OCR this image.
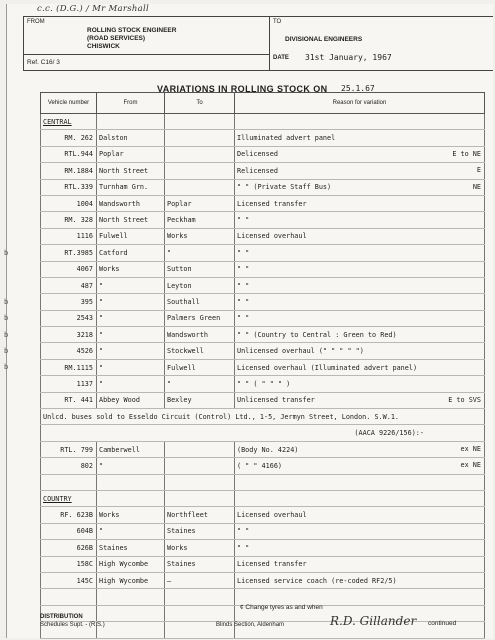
c.c. (D.G.) / Mr Marshall
FROM
ROLLING STOCK ENGINEER
(ROAD SERVICES)
CHISWICK
Ref. C16/ 3
TO
DIVISIONAL ENGINEERS
DATE 31st January, 1967
VARIATIONS IN ROLLING STOCK ON 25.1.67
Vehicle number	From	To	Reason for variation
CENTRAL			

RM. 262	Dalston		Illuminated advert panel

RTL.944	Poplar		Delicensed E to NE

RM.1884	North Street		Relicensed E

RTL.339	Turnham Grn.		" " (Private Staff Bus) NE

1004	Wandsworth	Poplar	Licensed transfer

RM. 328	North Street	Peckham	" "

1116	Fulwell	Works	Licensed overhaul

RT.3985	Catford	"	" "

4067	Works	Sutton	" "

487	"	Leyton	" "

395	"	Southall	" "

2543	"	Palmers Green	" "

3218	"	Wandsworth	" " (Country to Central : Green to Red)

4526	"	Stockwell	Unlicensed overhaul (" " " " ")

RM.1115	"	Fulwell	Licensed overhaul (Illuminated advert panel)

1137	"	"	" " ( " " " )

RT. 441	Abbey Wood	Bexley	Unlicensed transfer E to SVS

Unlcd. buses sold to Esseldo Circuit (Control) Ltd., 1-5, Jermyn Street, London. S.W.1.			
(AACA 9226/156):-			
RTL. 799	Camberwell		(Body No. 4224) ex NE

802	"		( " " 4166) ex NE

COUNTRY			

RF. 623B	Works	Northfleet	Licensed overhaul

604B	"	Staines	" "

626B	Staines	Works	" "

158C	High Wycombe	Staines	Licensed transfer

145C	High Wycombe	—	Licensed service coach (re-coded RF2/5)

b
b
b
b
b
b
¢ Change tyres as and when
continued
DISTRIBUTION
Schedules Supt. - (R.S.)	Blinds Section, Aldenham	R.D. Gillander
